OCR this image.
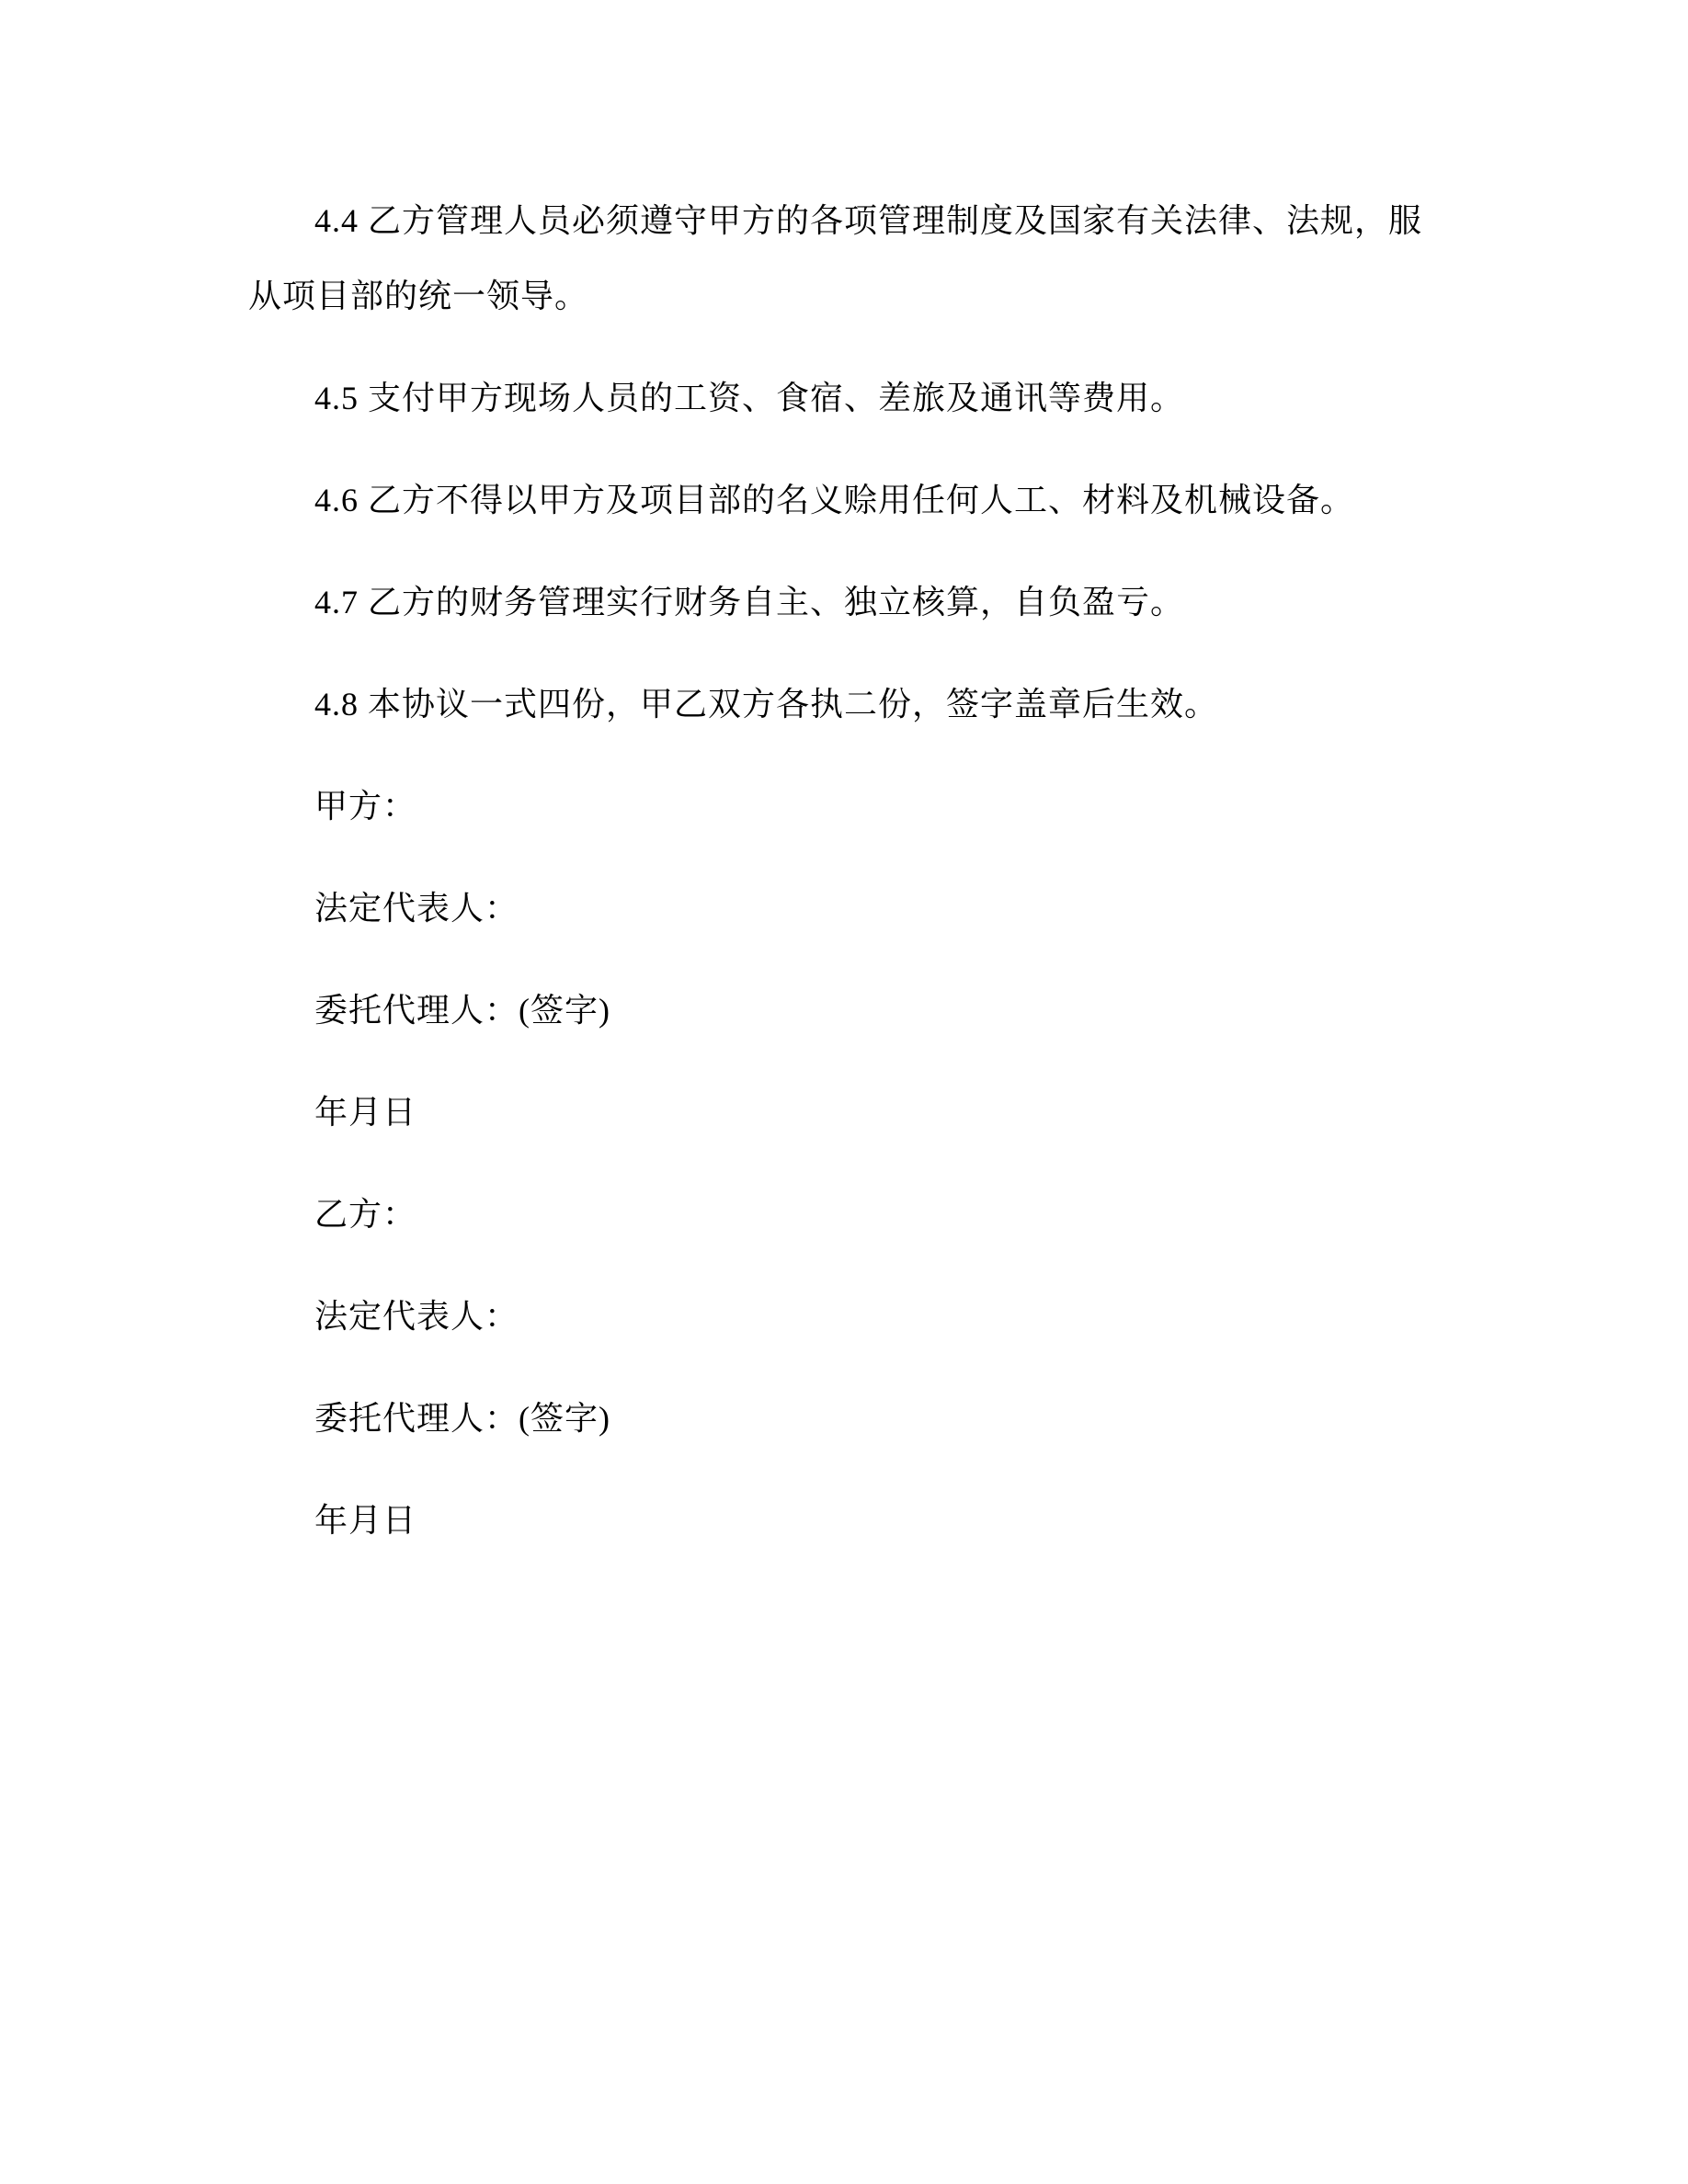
4.4 乙方管理人员必须遵守甲方的各项管理制度及国家有关法律、法规，服从项目部的统一领导。

4.5 支付甲方现场人员的工资、食宿、差旅及通讯等费用。

4.6 乙方不得以甲方及项目部的名义赊用任何人工、材料及机械设备。

4.7 乙方的财务管理实行财务自主、独立核算，自负盈亏。

4.8 本协议一式四份，甲乙双方各执二份，签字盖章后生效。

甲方：

法定代表人：

委托代理人：(签字)

年月日

乙方：

法定代表人：

委托代理人：(签字)

年月日
